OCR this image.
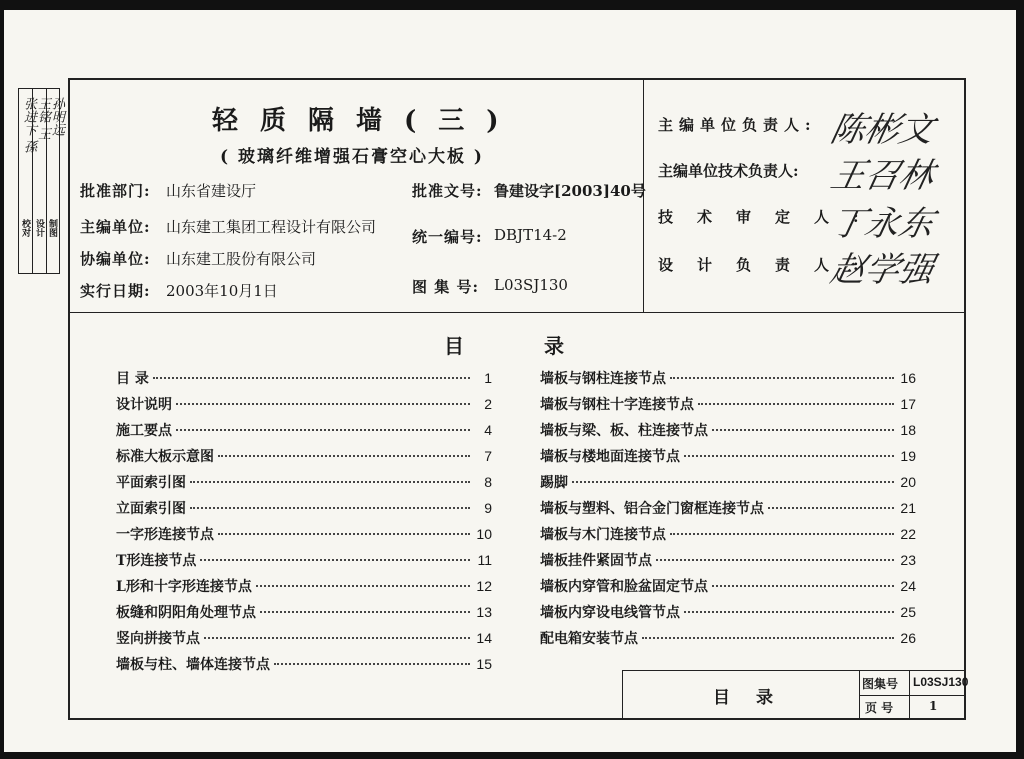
校对
张进卞 孫
设计
王铭 王
制图
孙明远	轻质隔墙(三)
( 玻璃纤维增强石膏空心大板 )
批准部门: 山东省建设厅	批准文号: 鲁建设字[2003]40号
主编单位: 山东建工集团工程设计有限公司
统一编号: DBJT14-2
协编单位: 山东建工股份有限公司
实行日期: 2003年10月1日	图 集 号: L03SJ130
主编单位负责人: 陈彬文
主编单位技术负责人: 王召林
技术审定人:
丁永东
设计负责人:
赵学强
目录
目 录	1
设计说明	2
施工要点	4
标准大板示意图	7
平面索引图	8
立面索引图	9
一字形连接节点	10
T形连接节点	11
L形和十字形连接节点	12
板缝和阴阳角处理节点	13
竖向拼接节点	14
墙板与柱、墙体连接节点	15
墙板与钢柱连接节点	16
墙板与钢柱十字连接节点	17
墙板与梁、板、柱连接节点	18
墙板与楼地面连接节点	19
踢脚	20
墙板与塑料、铝合金门窗框连接节点	21
墙板与木门连接节点	22
墙板挂件紧固节点	23
墙板内穿管和脸盆固定节点	24
墙板内穿设电线管节点	25
配电箱安装节点	26
目录
图集号 L03SJ130
页 号	1
